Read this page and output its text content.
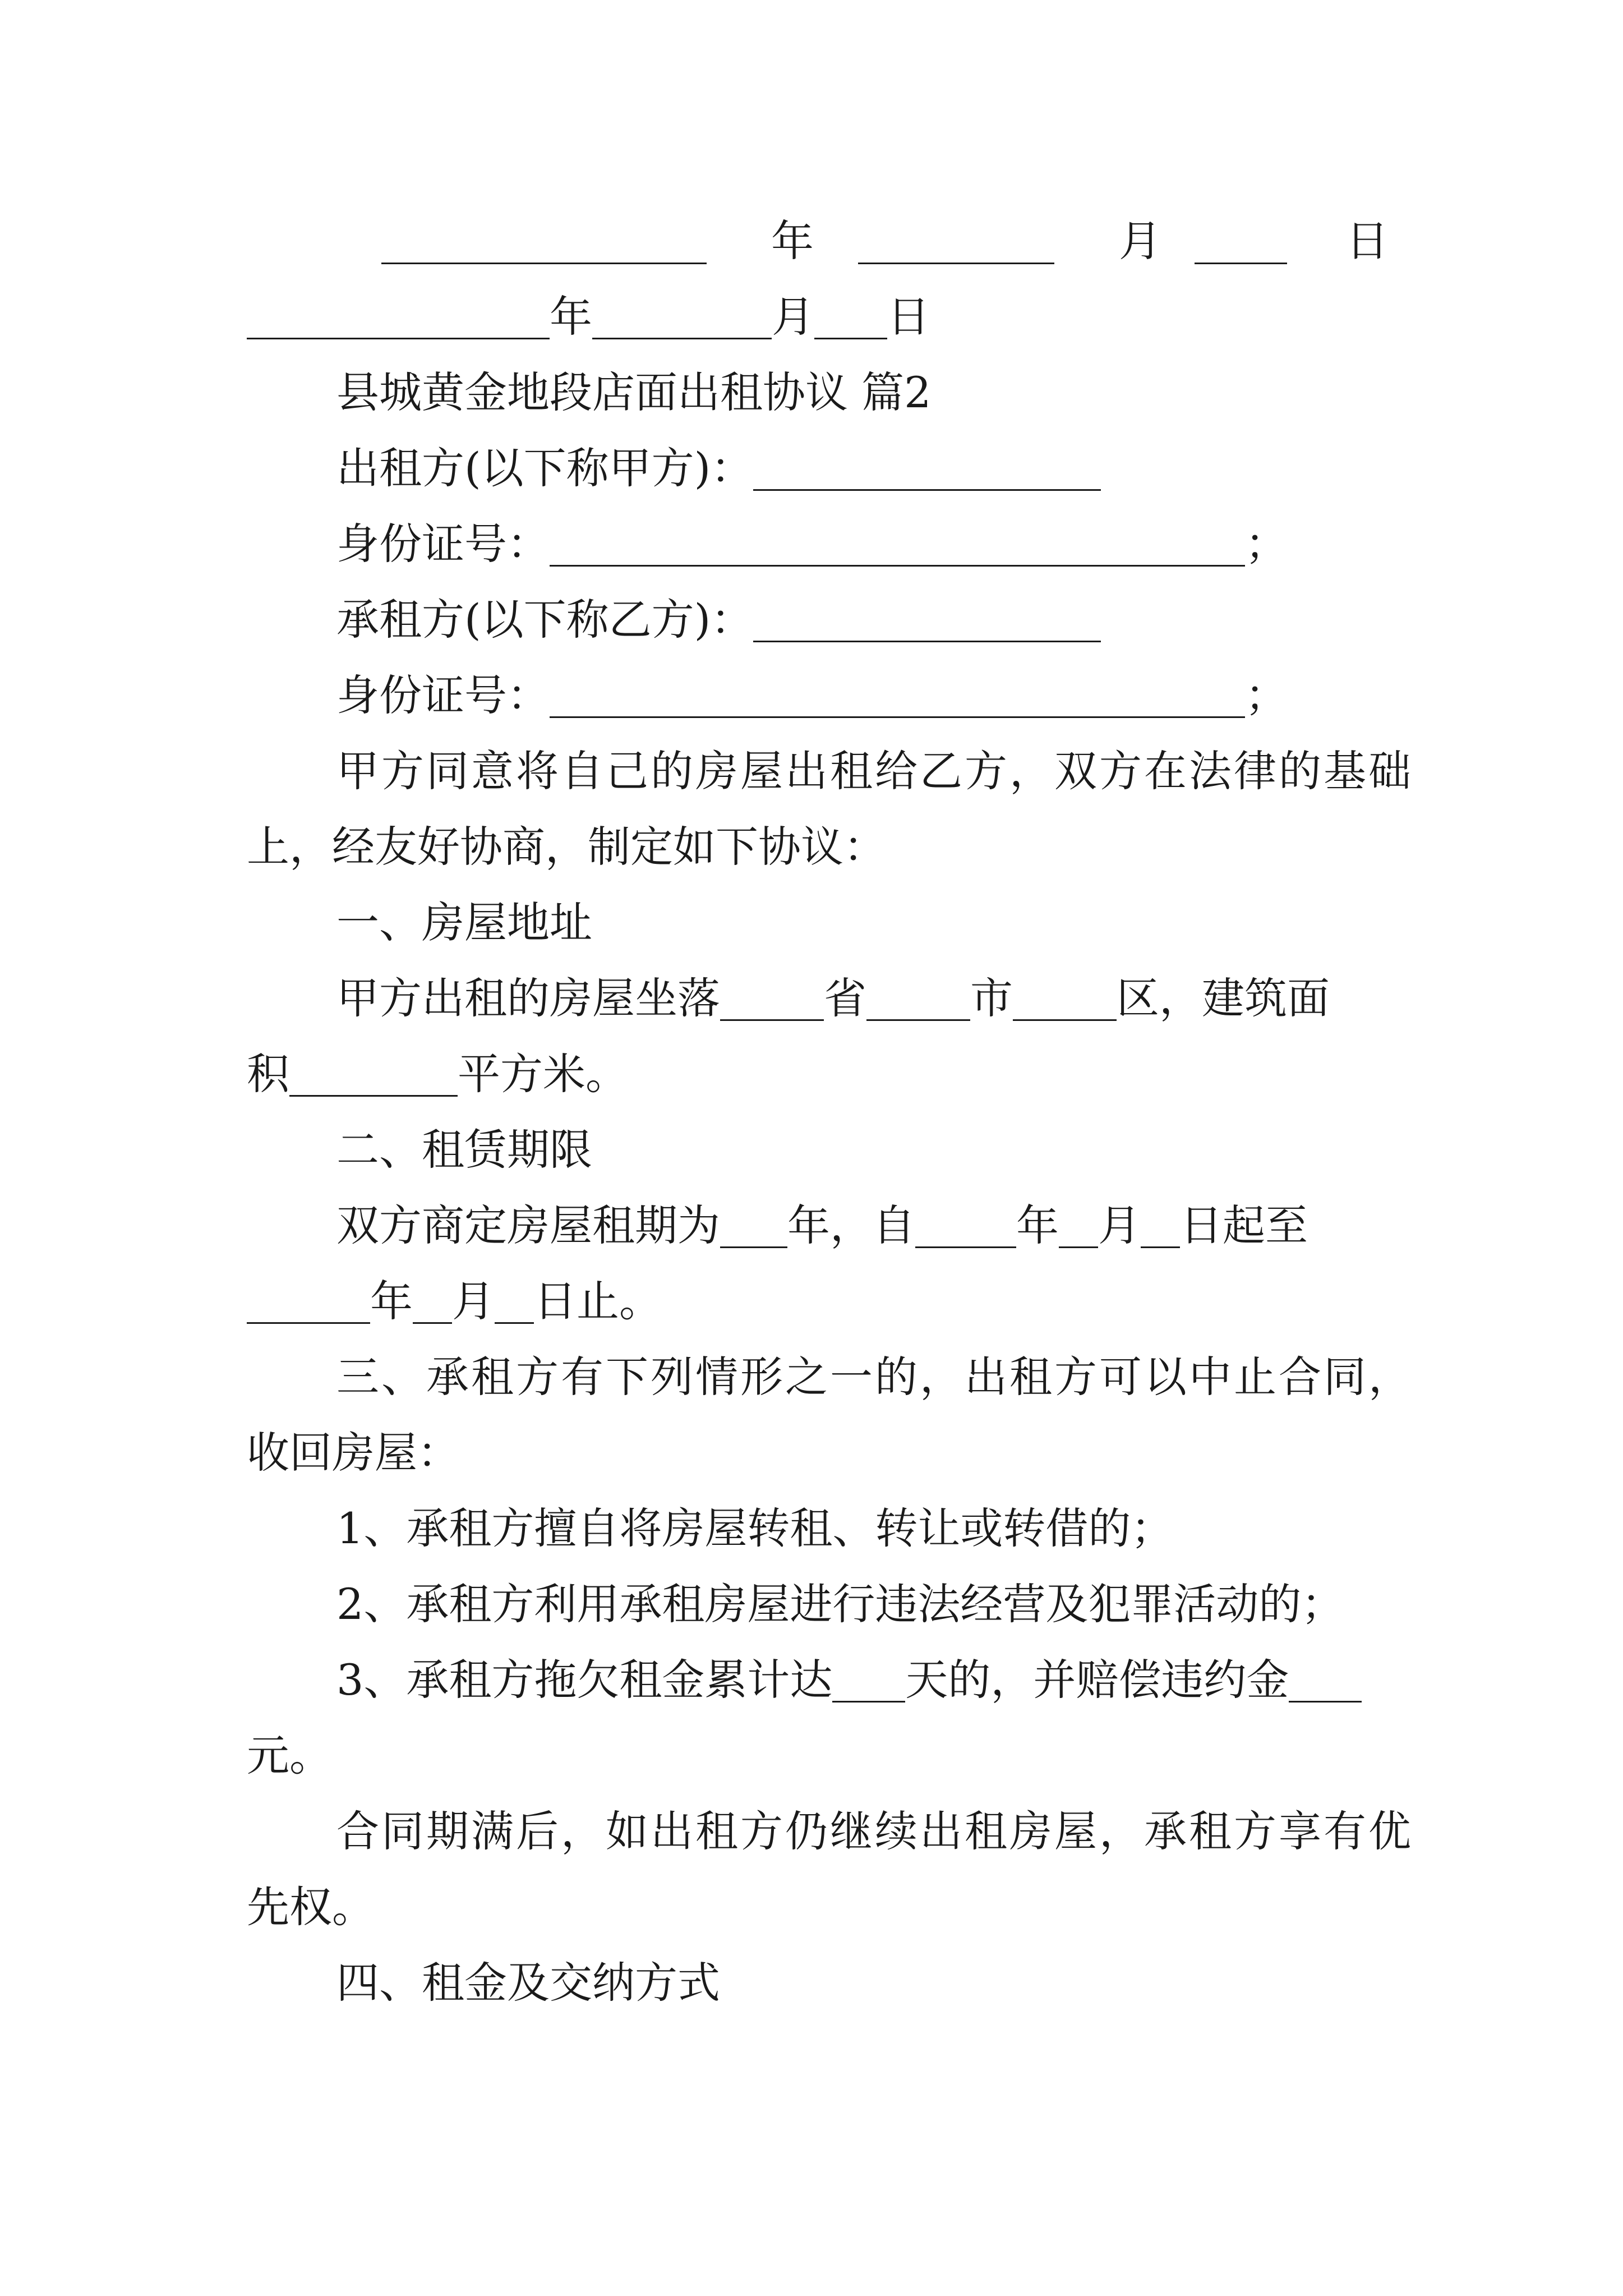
年	月	日
年	月 日
县城黄金地段店面出租协议 篇2
出租方(以下称甲方)：
身份证号：	；
承租方(以下称乙方)：
身份证号：	；
甲方同意将自己的房屋出租给乙方，双方在法律的基础
上，经友好协商，制定如下协议：
一、房屋地址
甲方出租的房屋坐落 省 市 区，建筑面
积	平方米。
二、租赁期限
双方商定房屋租期为 年，自 年 月 日起至
年 月 日止。
三、承租方有下列情形之一的，出租方可以中止合同，
收回房屋：
1、承租方擅自将房屋转租、转让或转借的；
2、承租方利用承租房屋进行违法经营及犯罪活动的；
3、承租方拖欠租金累计达 天的，并赔偿违约金
元。
合同期满后，如出租方仍继续出租房屋，承租方享有优
先权。
四、租金及交纳方式
